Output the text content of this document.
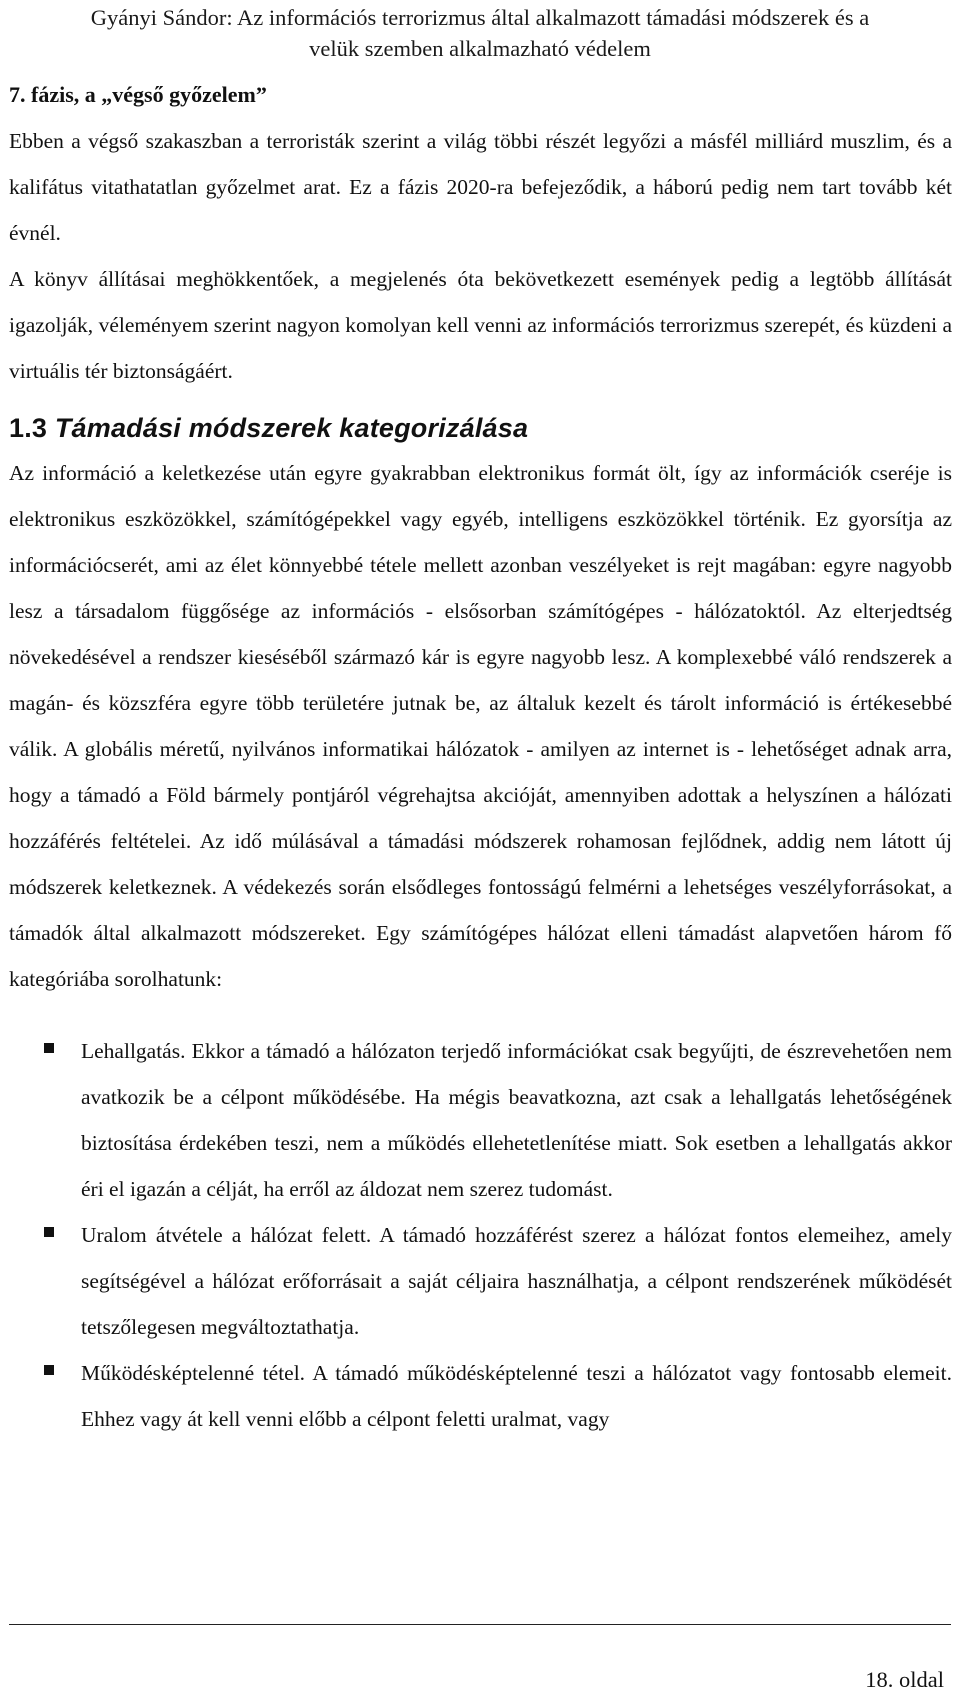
Gyányi Sándor: Az információs terrorizmus által alkalmazott támadási módszerek és a
velük szemben alkalmazható védelem
7. fázis, a „végső győzelem”

Ebben a végső szakaszban a terroristák szerint a világ többi részét legyőzi a másfél milliárd muszlim, és a kalifátus vitathatatlan győzelmet arat. Ez a fázis 2020-ra befejeződik, a háború pedig nem tart tovább két évnél.

A könyv állításai meghökkentőek, a megjelenés óta bekövetkezett események pedig a legtöbb állítását igazolják, véleményem szerint nagyon komolyan kell venni az információs terrorizmus szerepét, és küzdeni a virtuális tér biztonságáért.

1.3 Támadási módszerek kategorizálása

Az információ a keletkezése után egyre gyakrabban elektronikus formát ölt, így az információk cseréje is elektronikus eszközökkel, számítógépekkel vagy egyéb, intelligens eszközökkel történik. Ez gyorsítja az információcserét, ami az élet könnyebbé tétele mellett azonban veszélyeket is rejt magában: egyre nagyobb lesz a társadalom függősége az információs - elsősorban számítógépes - hálózatoktól. Az elterjedtség növekedésével a rendszer kieséséből származó kár is egyre nagyobb lesz. A komplexebbé váló rendszerek a magán- és közszféra egyre több területére jutnak be, az általuk kezelt és tárolt információ is értékesebbé válik. A globális méretű, nyilvános informatikai hálózatok - amilyen az internet is - lehetőséget adnak arra, hogy a támadó a Föld bármely pontjáról végrehajtsa akcióját, amennyiben adottak a helyszínen a hálózati hozzáférés feltételei. Az idő múlásával a támadási módszerek rohamosan fejlődnek, addig nem látott új módszerek keletkeznek. A védekezés során elsődleges fontosságú felmérni a lehetséges veszélyforrásokat, a támadók által alkalmazott módszereket. Egy számítógépes hálózat elleni támadást alapvetően három fő kategóriába sorolhatunk:

Lehallgatás. Ekkor a támadó a hálózaton terjedő információkat csak begyűjti, de észrevehetően nem avatkozik be a célpont működésébe. Ha mégis beavatkozna, azt csak a lehallgatás lehetőségének biztosítása érdekében teszi, nem a működés ellehetetlenítése miatt. Sok esetben a lehallgatás akkor éri el igazán a célját, ha erről az áldozat nem szerez tudomást.

Uralom átvétele a hálózat felett. A támadó hozzáférést szerez a hálózat fontos elemeihez, amely segítségével a hálózat erőforrásait a saját céljaira használhatja, a célpont rendszerének működését tetszőlegesen megváltoztathatja.

Működésképtelenné tétel. A támadó működésképtelenné teszi a hálózatot vagy fontosabb elemeit. Ehhez vagy át kell venni előbb a célpont feletti uralmat, vagy

18. oldal
